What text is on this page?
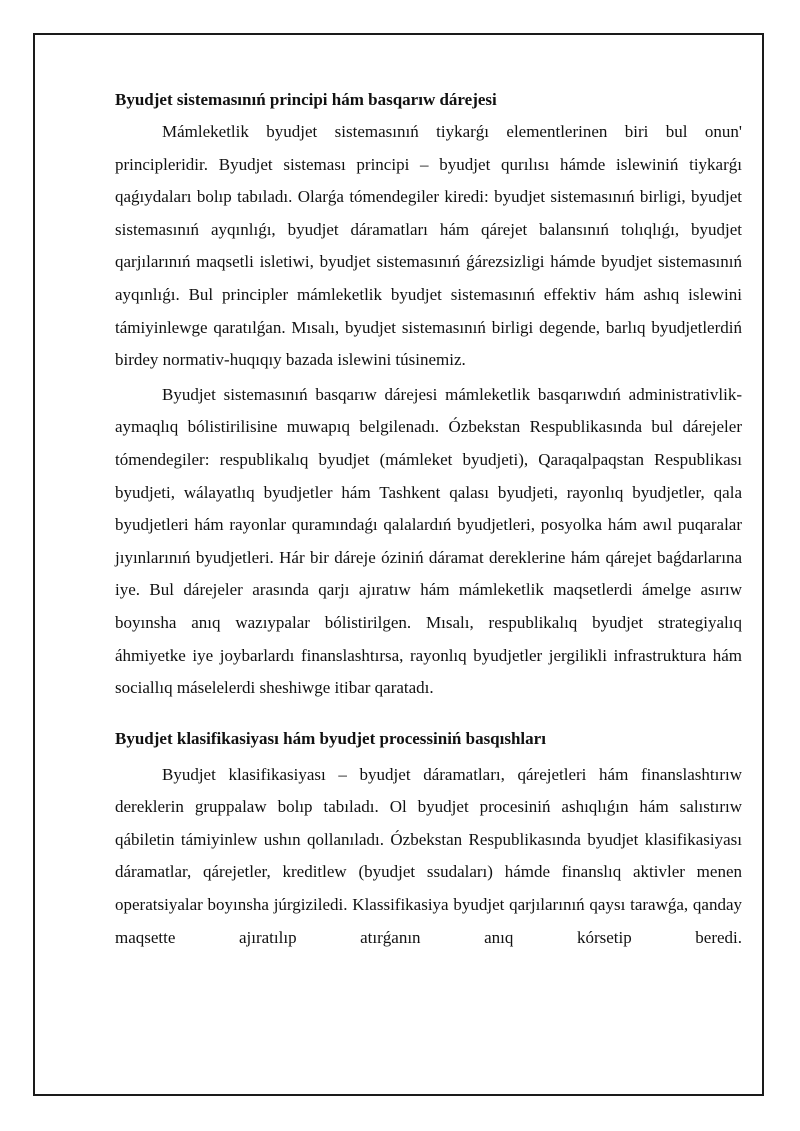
Byudjet sistemasınıń principi hám basqarıw dárejesi

Mámleketlik byudjet sistemasınıń tiykarǵı elementlerinen biri bul onun' principleridir. Byudjet sisteması principi – byudjet qurılısı hámde islewiniń tiykarǵı qaǵıydaları bolıp tabıladı. Olarǵa tómendegiler kiredi: byudjet sistemasınıń birligi, byudjet sistemasınıń ayqınlıǵı, byudjet dáramatları hám qárejet balansınıń tolıqlıǵı, byudjet qarjılarınıń maqsetli isletiwi, byudjet sistemasınıń ǵárezsizligi hámde byudjet sistemasınıń ayqınlıǵı. Bul principler mámleketlik byudjet sistemasınıń effektiv hám ashıq islewini támiyinlewge qaratılǵan. Mısalı, byudjet sistemasınıń birligi degende, barlıq byudjetlerdiń birdey normativ-huqıqıy bazada islewini túsinemiz.

Byudjet sistemasınıń basqarıw dárejesi mámleketlik basqarıwdıń administrativlik-aymaqlıq bólistirilisine muwapıq belgilenadı. Ózbekstan Respublikasında bul dárejeler tómendegiler: respublikalıq byudjet (mámleket byudjeti), Qaraqalpaqstan Respublikası byudjeti, wálayatlıq byudjetler hám Tashkent qalası byudjeti, rayonlıq byudjetler, qala byudjetleri hám rayonlar quramındaǵı qalalardıń byudjetleri, posyolka hám awıl puqaralar jıyınlarınıń byudjetleri. Hár bir dáreje óziniń dáramat dereklerine hám qárejet baǵdarlarına iye. Bul dárejeler arasında qarjı ajıratıw hám mámleketlik maqsetlerdi ámelge asırıw boyınsha anıq wazıypalar bólistirilgen. Mısalı, respublikalıq byudjet strategiyalıq áhmiyetke iye joybarlardı finanslashtırsa, rayonlıq byudjetler jergilikli infrastruktura hám sociallıq máselelerdi sheshiwge itibar qaratadı.

Byudjet klasifikasiyası hám byudjet processiniń basqıshları

Byudjet klasifikasiyası – byudjet dáramatları, qárejetleri hám finanslashtırıw dereklerin gruppalaw bolıp tabıladı. Ol byudjet procesiniń ashıqlıǵın hám salıstırıw qábiletin támiyinlew ushın qollanıladı. Ózbekstan Respublikasında byudjet klasifikasiyası dáramatlar, qárejetler, kreditlew (byudjet ssudaları) hámde finanslıq aktivler menen operatsiyalar boyınsha júrgiziledi. Klassifikasiya byudjet qarjılarınıń qaysı tarawǵa, qanday maqsette ajıratılıp atırǵanın anıq kórsetip beredi.
